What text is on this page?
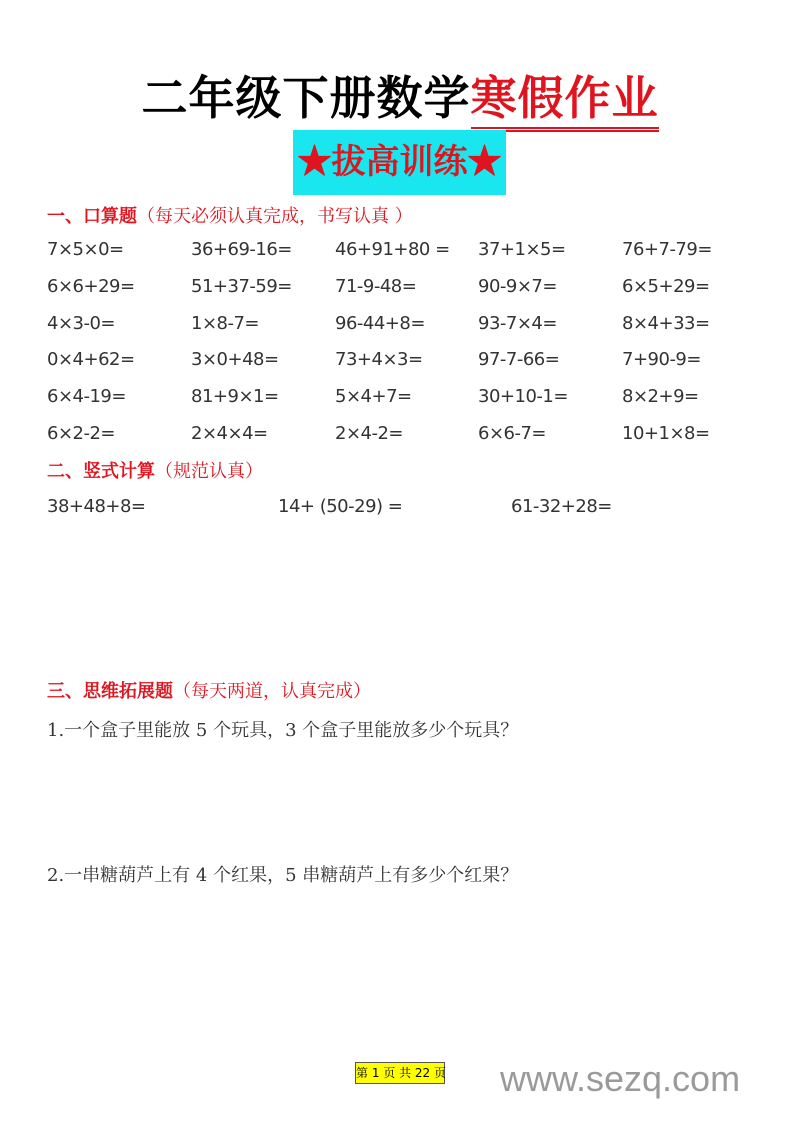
二年级下册数学寒假作业
★拔高训练★
一、口算题（每天必须认真完成，书写认真 ）
7×5×0=	36+69-16= 46+91+80 = 37+1×5=	76+7-79=
6×6+29=	51+37-59= 71-9-48=	90-9×7=	6×5+29=
4×3-0=	1×8-7=	96-44+8=	93-7×4=	8×4+33=
0×4+62=	3×0+48=	73+4×3=	97-7-66=	7+90-9=
6×4-19=	81+9×1=	5×4+7=	30+10-1=	8×2+9=
6×2-2=	2×4×4=	2×4-2=	6×6-7=	10+1×8=
二、竖式计算（规范认真）
38+48+8=	14+ (50-29) =	61-32+28=
三、思维拓展题（每天两道，认真完成）
1.一个盒子里能放 5 个玩具，3 个盒子里能放多少个玩具？
2.一串糖葫芦上有 4 个红果，5 串糖葫芦上有多少个红果？
第 1 页 共 22 页 www.sezq.com
